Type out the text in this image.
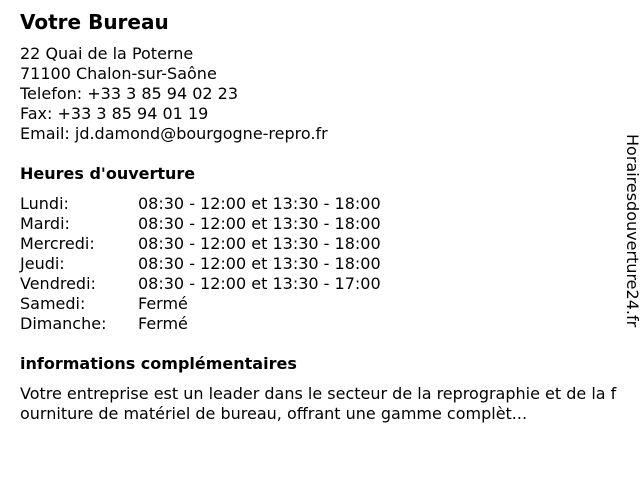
Votre Bureau
22 Quai de la Poterne
71100 Chalon-sur-Saône
Telefon: +33 3 85 94 02 23
Fax: +33 3 85 94 01 19
Email: jd.damond@bourgogne-repro.fr
Heures d'ouverture
Lundi:	08:30 - 12:00 et 13:30 - 18:00
Mardi:	08:30 - 12:00 et 13:30 - 18:00
Mercredi:	08:30 - 12:00 et 13:30 - 18:00
Jeudi:	08:30 - 12:00 et 13:30 - 18:00
Vendredi:	08:30 - 12:00 et 13:30 - 17:00
Samedi:	Fermé
Dimanche:	Fermé
informations complémentaires

Votre entreprise est un leader dans le secteur de la reprographie et de la fourniture de matériel de bureau, offrant une gamme complèt...

Horairesdouverture24.fr
